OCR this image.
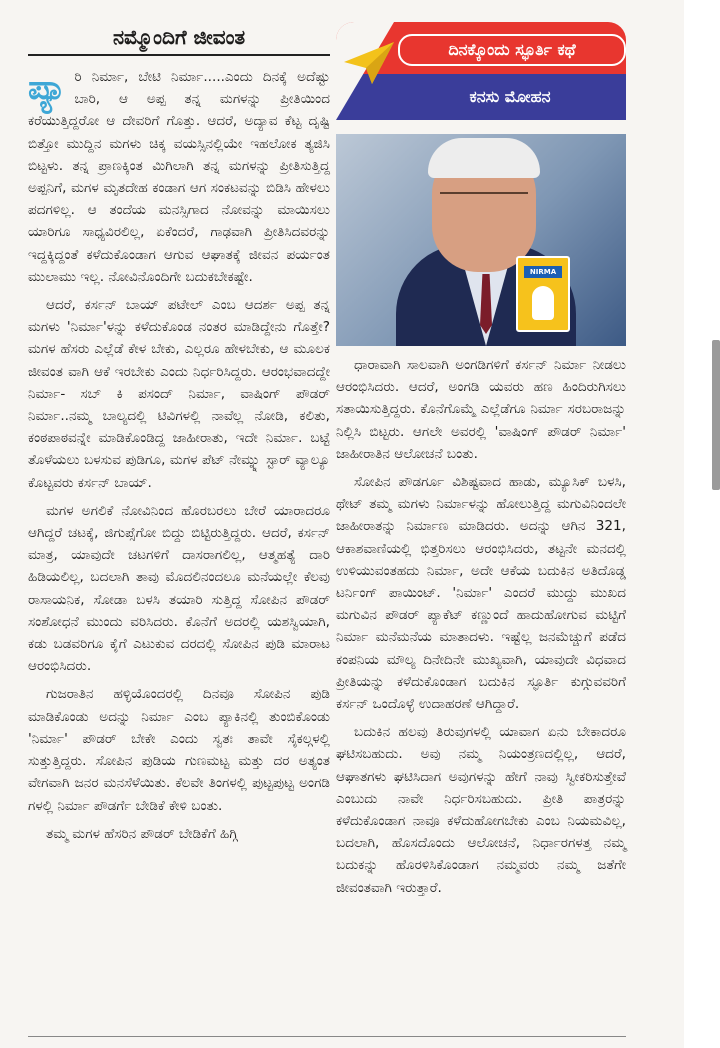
ನಮ್ಮೊಂದಿಗೆ ಜೀವಂತ

ಪ್ಯಾ ರಿ ನಿರ್ಮಾ, ಬೇಟಿ ನಿರ್ಮಾ.....ಎಂದು ದಿನಕ್ಕೆ ಅದೆಷ್ಟು ಬಾರಿ, ಆ ಅಪ್ಪ ತನ್ನ ಮಗಳನ್ನು ಪ್ರೀತಿಯಿಂದ ಕರೆಯುತ್ತಿದ್ದರೋ ಆ ದೇವರಿಗೆ ಗೊತ್ತು. ಆದರೆ, ಅದ್ಯಾವ ಕೆಟ್ಟ ದೃಷ್ಟಿ ಬಿತ್ತೋ ಮುದ್ದಿನ ಮಗಳು ಚಿಕ್ಕ ವಯಸ್ಸಿನಲ್ಲಿಯೇ ಇಹಲೋಕ ತ್ಯಜಿಸಿ ಬಿಟ್ಟಳು. ತನ್ನ ಪ್ರಾಣಕ್ಕಿಂತ ಮಿಗಿಲಾಗಿ ತನ್ನ ಮಗಳನ್ನು ಪ್ರೀತಿಸುತ್ತಿದ್ದ ಅಪ್ಪನಿಗೆ, ಮಗಳ ಮೃತದೇಹ ಕಂಡಾಗ ಆಗ ಸಂಕಟವನ್ನು ಬಿಡಿಸಿ ಹೇಳಲು ಪದಗಳಿಲ್ಲ. ಆ ತಂದೆಯ ಮನಸ್ಸಿಗಾದ ನೋವನ್ನು ಮಾಯಿಸಲು ಯಾರಿಗೂ ಸಾಧ್ಯವಿರಲಿಲ್ಲ, ಏಕೆಂದರೆ, ಗಾಢವಾಗಿ ಪ್ರೀತಿಸಿದವರನ್ನು ಇದ್ದಕ್ಕಿದ್ದಂತೆ ಕಳೆದುಕೊಂಡಾಗ ಆಗುವ ಆಘಾತಕ್ಕೆ ಜೀವನ ಪರ್ಯಂತ ಮುಲಾಮು ಇಲ್ಲ. ನೋವಿನೊಂದಿಗೇ ಬದುಕಬೇಕಷ್ಟೇ.

ಆದರೆ, ಕರ್ಸನ್ ಬಾಯ್ ಪಟೇಲ್ ಎಂಬ ಆದರ್ಶ ಅಪ್ಪ ತನ್ನ ಮಗಳು 'ನಿರ್ಮಾ'ಳನ್ನು ಕಳೆದುಕೊಂಡ ನಂತರ ಮಾಡಿದ್ದೇನು ಗೊತ್ತೇ? ಮಗಳ ಹೆಸರು ಎಲ್ಲೆಡೆ ಕೇಳ ಬೇಕು, ಎಲ್ಲರೂ ಹೇಳಬೇಕು, ಆ ಮೂಲಕ ಜೀವಂತ ವಾಗಿ ಆಕೆ ಇರಬೇಕು ಎಂದು ನಿರ್ಧರಿಸಿದ್ದರು. ಆರಂಭವಾದದ್ದೇ ನಿರ್ಮಾ- ಸಬ್ ಕಿ ಪಸಂದ್ ನಿರ್ಮಾ, ವಾಷಿಂಗ್ ಪೌಡರ್ ನಿರ್ಮಾ..ನಮ್ಮ ಬಾಲ್ಯದಲ್ಲಿ ಟಿವಿಗಳಲ್ಲಿ ನಾವೆಲ್ಲ ನೋಡಿ, ಕಲಿತು, ಕಂಠಪಾಠವನ್ನೇ ಮಾಡಿಕೊಂಡಿದ್ದ ಜಾಹೀರಾತು, ಇದೇ ನಿರ್ಮಾ. ಬಟ್ಟೆ ತೊಳೆಯಲು ಬಳಸುವ ಪುಡಿಗೂ, ಮಗಳ ಪೆಟ್ ನೇಮ್ನ್ನು ಸ್ಟಾರ್ ವ್ಯಾಲ್ಯೂ ಕೊಟ್ಟವರು ಕರ್ಸನ್ ಬಾಯ್.

ಮಗಳ ಅಗಲಿಕೆ ನೋವಿನಿಂದ ಹೊರಬರಲು ಬೇರೆ ಯಾರಾದರೂ ಆಗಿದ್ದರೆ ಚಟಕ್ಕೆ, ಜಿಗುಪ್ಸೆಗೋ ಬಿದ್ದು ಬಿಟ್ಟಿರುತ್ತಿದ್ದರು. ಆದರೆ, ಕರ್ಸನ್ ಮಾತ್ರ, ಯಾವುದೇ ಚಟಗಳಿಗೆ ದಾಸರಾಗಲಿಲ್ಲ, ಆತ್ಮಹತ್ಯೆ ದಾರಿ ಹಿಡಿಯಲಿಲ್ಲ, ಬದಲಾಗಿ ತಾವು ಮೊದಲಿನಂದಲೂ ಮನೆಯಲ್ಲೇ ಕೆಲವು ರಾಸಾಯನಿಕ, ಸೋಡಾ ಬಳಸಿ ತಯಾರಿ ಸುತ್ತಿದ್ದ ಸೋಪಿನ ಪೌಡರ್ ಸಂಶೋಧನೆ ಮುಂದು ವರಿಸಿದರು. ಕೊನೆಗೆ ಅದರಲ್ಲಿ ಯಶಸ್ವಿಯಾಗಿ, ಕಡು ಬಡವರಿಗೂ ಕೈಗೆ ಎಟುಕುವ ದರದಲ್ಲಿ ಸೋಪಿನ ಪುಡಿ ಮಾರಾಟ ಆರಂಭಿಸಿದರು.

ಗುಜರಾತಿನ ಹಳ್ಳಿಯೊಂದರಲ್ಲಿ ದಿನವೂ ಸೋಪಿನ ಪುಡಿ ಮಾಡಿಕೊಂಡು ಅದನ್ನು ನಿರ್ಮಾ ಎಂಬ ಪ್ಯಾಕಿನಲ್ಲಿ ತುಂಬಿಕೊಂಡು 'ನಿರ್ಮಾ' ಪೌಡರ್ ಬೇಕೇ ಎಂದು ಸ್ವತಃ ತಾವೇ ಸೈಕಲ್ಗಳಲ್ಲಿ ಸುತ್ತುತ್ತಿದ್ದರು. ಸೋಪಿನ ಪುಡಿಯ ಗುಣಮಟ್ಟ ಮತ್ತು ದರ ಅತ್ಯಂತ ವೇಗವಾಗಿ ಜನರ ಮನಸೆಳೆಯಿತು. ಕೆಲವೇ ತಿಂಗಳಲ್ಲಿ ಪುಟ್ಟಪುಟ್ಟ ಅಂಗಡಿ ಗಳಲ್ಲಿ ನಿರ್ಮಾ ಪೌಡರ್ಗೆ ಬೇಡಿಕೆ ಕೇಳಿ ಬಂತು.

ತಮ್ಮ ಮಗಳ ಹೆಸರಿನ ಪೌಡರ್ ಬೇಡಿಕೆಗೆ ಹಿಗ್ಗಿ

ದಿನಕ್ಕೊಂದು ಸ್ಫೂರ್ತಿ ಕಥೆ
ಕನಸು ಮೋಹನ
NIRMA

ಧಾರಾವಾಗಿ ಸಾಲವಾಗಿ ಅಂಗಡಿಗಳಿಗೆ ಕರ್ಸನ್ ನಿರ್ಮಾ ನೀಡಲು ಆರಂಭಿಸಿದರು. ಆದರೆ, ಅಂಗಡಿ ಯವರು ಹಣ ಹಿಂದಿರುಗಿಸಲು ಸತಾಯಿಸುತ್ತಿದ್ದರು. ಕೊನೆಗೊಮ್ಮೆ ಎಲ್ಲೆಡೆಗೂ ನಿರ್ಮಾ ಸರಬರಾಜನ್ನು ನಿಲ್ಲಿಸಿ ಬಿಟ್ಟರು. ಆಗಲೇ ಅವರಲ್ಲಿ 'ವಾಷಿಂಗ್ ಪೌಡರ್ ನಿರ್ಮಾ' ಜಾಹೀರಾತಿನ ಆಲೋಚನೆ ಬಂತು.

ಸೋಪಿನ ಪೌಡರ್ಗೂ ವಿಶಿಷ್ಟವಾದ ಹಾಡು, ಮ್ಯೂಸಿಕ್ ಬಳಸಿ, ಥೇಟ್ ತಮ್ಮ ಮಗಳು ನಿರ್ಮಾಳನ್ನು ಹೋಲುತ್ತಿದ್ದ ಮಗುವಿನಿಂದಲೇ ಜಾಹೀರಾತನ್ನು ನಿರ್ಮಾಣ ಮಾಡಿದರು. ಅದನ್ನು ಆಗಿನ 321, ಆಕಾಶವಾಣಿಯಲ್ಲಿ ಭಿತ್ತರಿಸಲು ಆರಂಭಿಸಿದರು, ತಟ್ಟನೇ ಮನದಲ್ಲಿ ಉಳಿಯುವಂತಹದು ನಿರ್ಮಾ, ಅದೇ ಆಕೆಯ ಬದುಕಿನ ಅತಿದೊಡ್ಡ ಟರ್ನಿಂಗ್ ಪಾಯಿಂಟ್. 'ನಿರ್ಮಾ' ಎಂದರೆ ಮುದ್ದು ಮುಖದ ಮಗುವಿನ ಪೌಡರ್ ಪ್ಯಾಕೆಟ್ ಕಣ್ಣುಂದೆ ಹಾದುಹೋಗುವ ಮಟ್ಟಿಗೆ ನಿರ್ಮಾ ಮನೆಮನೆಯ ಮಾತಾದಳು. ಇಷ್ಟೆಲ್ಲ ಜನಮೆಚ್ಚುಗೆ ಪಡೆದ ಕಂಪನಿಯ ಮೌಲ್ಯ ದಿನೇದಿನೇ ಮುಖ್ಯವಾಗಿ, ಯಾವುದೇ ವಿಧವಾದ ಪ್ರೀತಿಯನ್ನು ಕಳೆದುಕೊಂಡಾಗ ಬದುಕಿನ ಸ್ಫೂರ್ತಿ ಕುಗ್ಗುವವರಿಗೆ ಕರ್ಸನ್ ಒಂದೊಳ್ಳೆ ಉದಾಹರಣೆ ಆಗಿದ್ದಾರೆ.

ಬದುಕಿನ ಹಲವು ತಿರುವುಗಳಲ್ಲಿ ಯಾವಾಗ ಏನು ಬೇಕಾದರೂ ಘಟಿಸಬಹುದು. ಅವು ನಮ್ಮ ನಿಯಂತ್ರಣದಲ್ಲಿಲ್ಲ, ಆದರೆ, ಆಘಾತಗಳು ಘಟಿಸಿದಾಗ ಅವುಗಳನ್ನು ಹೇಗೆ ನಾವು ಸ್ವೀಕರಿಸುತ್ತೇವೆ ಎಂಬುದು ನಾವೇ ನಿರ್ಧರಿಸಬಹುದು. ಪ್ರೀತಿ ಪಾತ್ರರನ್ನು ಕಳೆದುಕೊಂಡಾಗ ನಾವೂ ಕಳೆದುಹೋಗಬೇಕು ಎಂಬ ನಿಯಮವಿಲ್ಲ, ಬದಲಾಗಿ, ಹೊಸದೊಂದು ಆಲೋಚನೆ, ನಿರ್ಧಾರಗಳತ್ತ ನಮ್ಮ ಬದುಕನ್ನು ಹೊರಳಿಸಿಕೊಂಡಾಗ ನಮ್ಮವರು ನಮ್ಮ ಜತೆಗೇ ಜೀವಂತವಾಗಿ ಇರುತ್ತಾರೆ.
